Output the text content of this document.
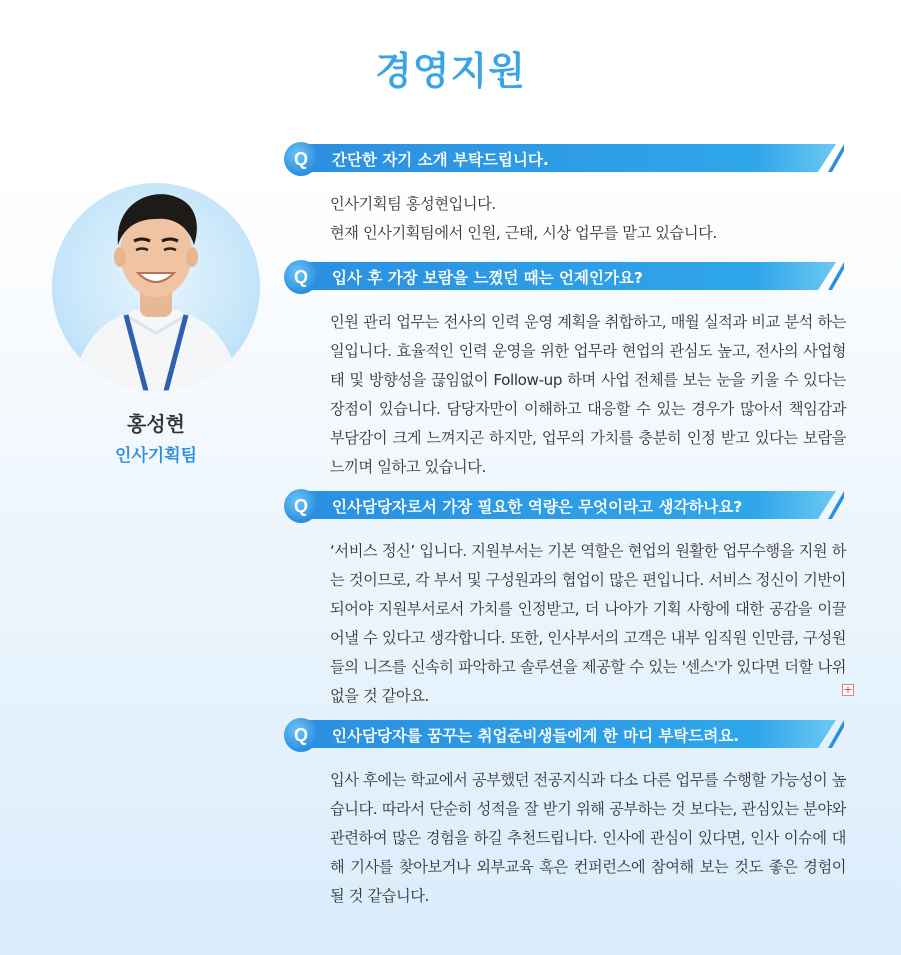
경영지원
홍성현
인사기획팀
Q	간단한 자기 소개 부탁드립니다.
인사기획팀 홍성현입니다.
현재 인사기획팀에서 인원, 근태, 시상 업무를 맡고 있습니다.
Q	입사 후 가장 보람을 느꼈던 때는 언제인가요?
인원 관리 업무는 전사의 인력 운영 계획을 취합하고, 매월 실적과 비교 분석 하는 일입니다. 효율적인 인력 운영을 위한 업무라 현업의 관심도 높고, 전사의 사업형태 및 방향성을 끊임없이 Follow-up 하며 사업 전체를 보는 눈을 키울 수 있다는 장점이 있습니다. 담당자만이 이해하고 대응할 수 있는 경우가 많아서 책임감과 부담감이 크게 느껴지곤 하지만, 업무의 가치를 충분히 인정 받고 있다는 보람을 느끼며 일하고 있습니다.
Q	인사담당자로서 가장 필요한 역량은 무엇이라고 생각하나요?
‘서비스 정신’ 입니다. 지원부서는 기본 역할은 현업의 원활한 업무수행을 지원 하는 것이므로, 각 부서 및 구성원과의 협업이 많은 편입니다. 서비스 정신이 기반이 되어야 지원부서로서 가치를 인정받고, 더 나아가 기획 사항에 대한 공감을 이끌어낼 수 있다고 생각합니다. 또한, 인사부서의 고객은 내부 임직원 인만큼, 구성원들의 니즈를 신속히 파악하고 솔루션을 제공할 수 있는 '센스'가 있다면 더할 나위 없을 것 같아요.	+
Q	인사담당자를 꿈꾸는 취업준비생들에게 한 마디 부탁드려요.
입사 후에는 학교에서 공부했던 전공지식과 다소 다른 업무를 수행할 가능성이 높습니다. 따라서 단순히 성적을 잘 받기 위해 공부하는 것 보다는, 관심있는 분야와 관련하여 많은 경험을 하길 추천드립니다. 인사에 관심이 있다면, 인사 이슈에 대해 기사를 찾아보거나 외부교육 혹은 컨퍼런스에 참여해 보는 것도 좋은 경험이 될 것 같습니다.
